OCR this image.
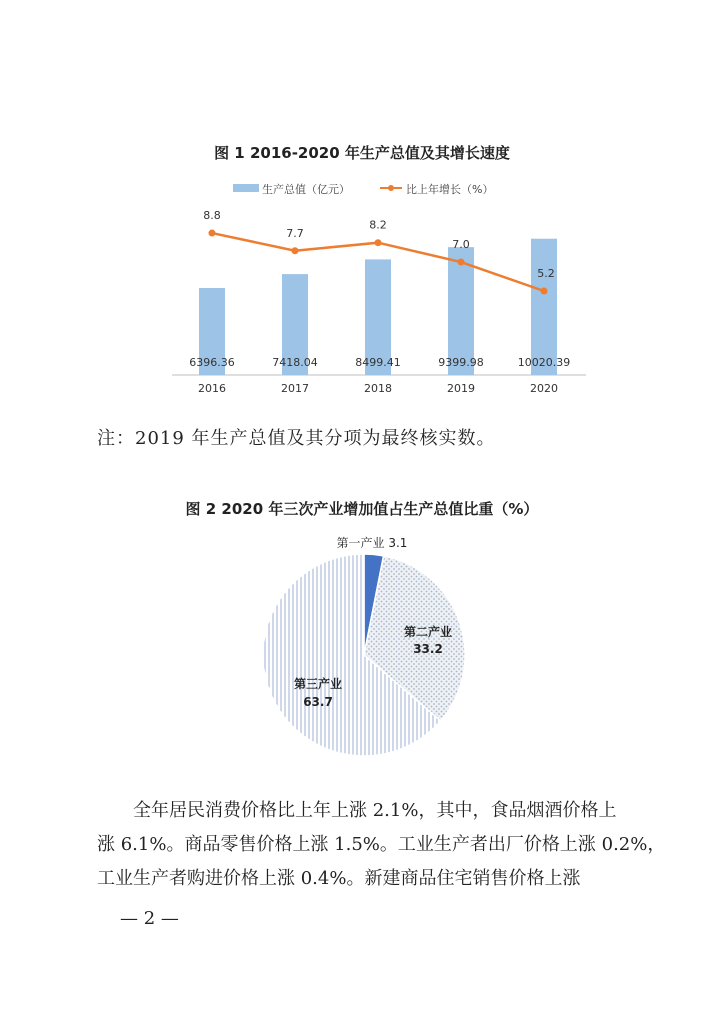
图 1 2016-2020 年生产总值及其增长速度
生产总值（亿元）	比上年增长（%）
6396.36
2016
7418.04
2017
8499.41
2018
9399.98
2019
10020.39
2020
8.8
7.7
8.2
7.0
5.2
注：2019 年生产总值及其分项为最终核实数。
图 2 2020 年三次产业增加值占生产总值比重（%）
第一产业 3.1
第二产业
33.2
第三产业
63.7
全年居民消费价格比上年上涨 2.1%，其中，食品烟酒价格上
涨 6.1%。商品零售价格上涨 1.5%。工业生产者出厂价格上涨 0.2%，
工业生产者购进价格上涨 0.4%。新建商品住宅销售价格上涨
— 2 —
